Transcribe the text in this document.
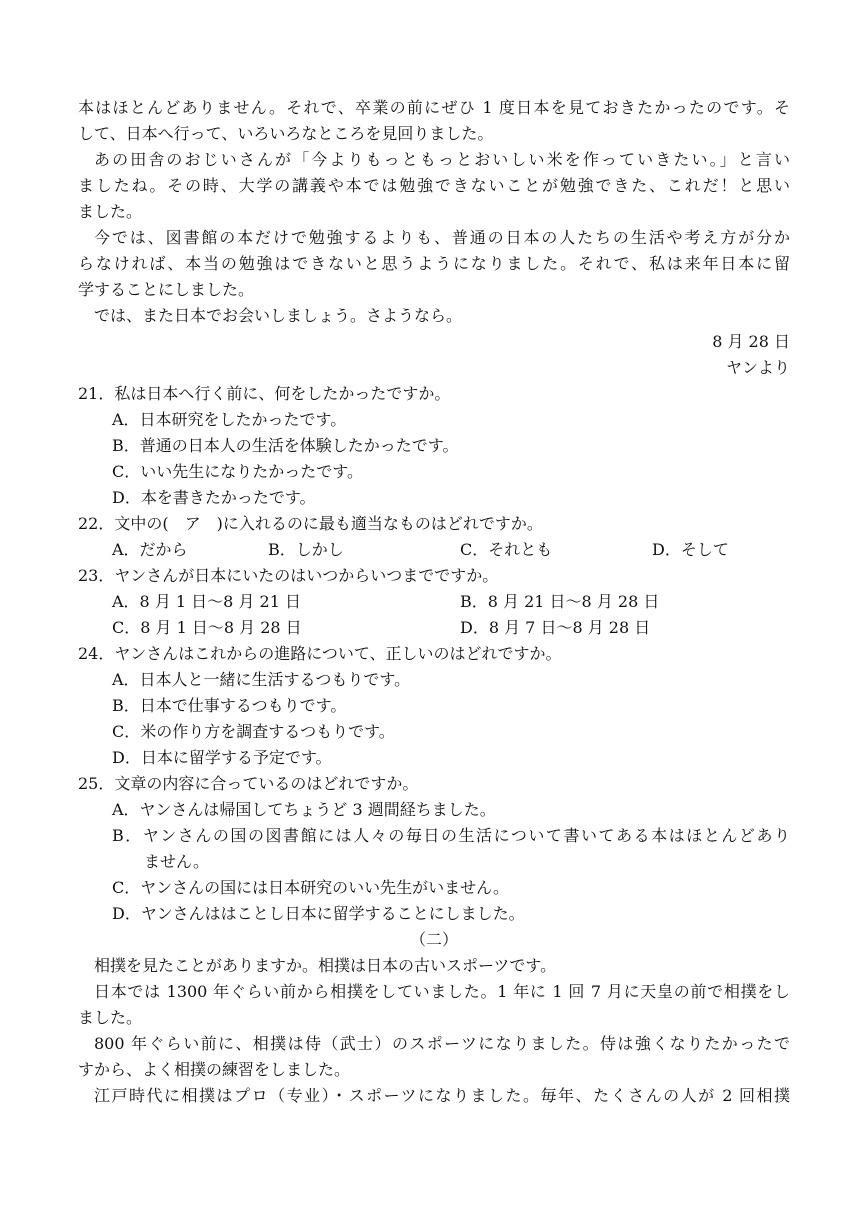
本はほとんどありません。それで、卒業の前にぜひ 1 度日本を見ておきたかったのです。そ
して、日本へ行って、いろいろなところを見回りました。
あの田舎のおじいさんが「今よりもっともっとおいしい米を作っていきたい。」と言い
ましたね。その時、大学の講義や本では勉強できないことが勉強できた、これだ！と思い
ました。
今では、図書館の本だけで勉強するよりも、普通の日本の人たちの生活や考え方が分か
らなければ、本当の勉強はできないと思うようになりました。それで、私は来年日本に留
学することにしました。
では、また日本でお会いしましょう。さようなら。
8 月 28 日
ヤンより
21．私は日本へ行く前に、何をしたかったですか。
A．日本研究をしたかったです。
B．普通の日本人の生活を体験したかったです。
C．いい先生になりたかったです。
D．本を書きたかったです。
22．文中の(　ア　)に入れるのに最も適当なものはどれですか。
A．だから	B．しかし	C．それとも	D．そして
23．ヤンさんが日本にいたのはいつからいつまでですか。
A．8 月 1 日～8 月 21 日	B．8 月 21 日～8 月 28 日
C．8 月 1 日～8 月 28 日	D．8 月 7 日～8 月 28 日
24．ヤンさんはこれからの進路について、正しいのはどれですか。
A．日本人と一緒に生活するつもりです。
B．日本で仕事するつもりです。
C．米の作り方を調査するつもりです。
D．日本に留学する予定です。
25．文章の内容に合っているのはどれですか。
A．ヤンさんは帰国してちょうど 3 週間経ちました。
B．ヤンさんの国の図書館には人々の毎日の生活について書いてある本はほとんどあり
ません。
C．ヤンさんの国には日本研究のいい先生がいません。
D．ヤンさんははことし日本に留学することにしました。
（二）
相撲を見たことがありますか。相撲は日本の古いスポーツです。
日本では 1300 年ぐらい前から相撲をしていました。1 年に 1 回 7 月に天皇の前で相撲をし
ました。
800 年ぐらい前に、相撲は侍（武士）のスポーツになりました。侍は強くなりたかったで
すから、よく相撲の練習をしました。
江戸時代に相撲はプロ（专业）・スポーツになりました。毎年、たくさんの人が 2 回相撲
